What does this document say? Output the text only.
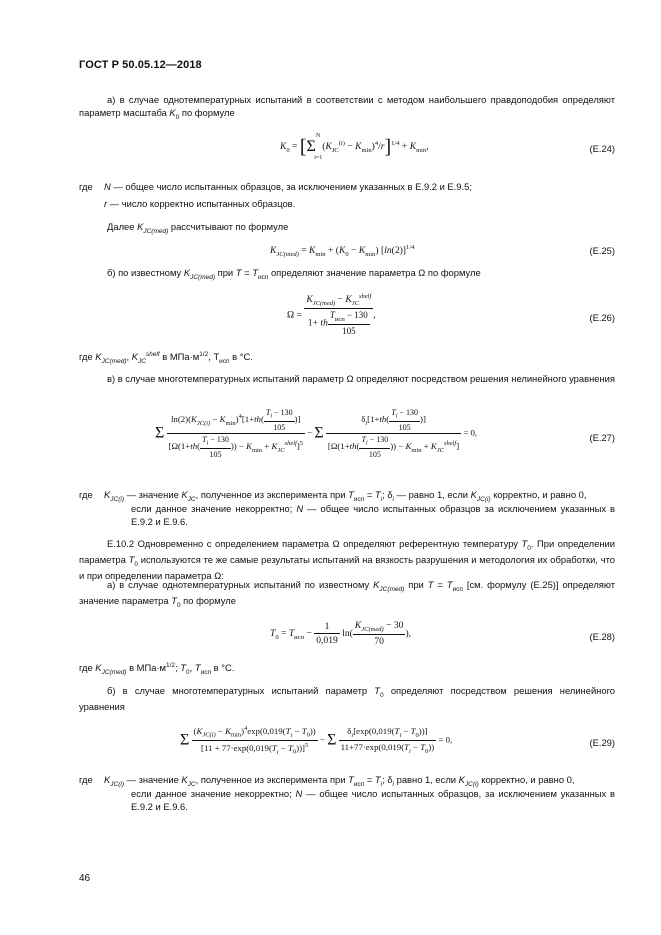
ГОСТ Р 50.05.12—2018
а) в случае однотемпературных испытаний в соответствии с методом наибольшего правдоподобия определяют параметр масштаба $K_0$ по формуле
$K_0 = [\Sigma^N_{i=1}(K_{JC}^{(i)} - K_{min})^4/r]^{1/4} + K_{min}$,	(Е.24)
где N — общее число испытанных образцов, за исключением указанных в Е.9.2 и Е.9.5;
r — число корректно испытанных образцов.
Далее $K_{JC(med)}$ рассчитывают по формуле
$K_{JC(med)} = K_{min} + (K_0 - K_{min})$ $[\ln(2)]^{1/4}$	(Е.25)
б) по известному $K_{JC(med)}$ при $T = T_{исп}$ определяют значение параметра Ω по формуле
$\Omega = \frac{K_{JC(med)} - K_{JC}^{shelf}}{1+ th \frac{T_{исп} - 130}{105}}$ ,	(Е.26)
где $K_{JC(med)}$, $K_{JC}^{shelf}$ в $МПа\cdot м^{1/2}$, $T_{исп}$ в °C.
в) в случае многотемпературных испытаний параметр Ω определяют посредством решения нелинейного уравнения
Σ $\frac{\ln(2)(K_{JC(i)} - K_{min})^4[1+th( \frac{T_i - 130}{105} )]}{[\Omega(1+th( \frac{T_i - 130}{105} )) - K_{min} + K_{JC}^{shelf}]^5} - \Sigma \frac{\delta_i[1+th( \frac{T_i - 130}{105} )]}{[\Omega(1+th( \frac{T_i - 130}{105} )) - K_{min} + K_{JC}^{shelf}]} = 0$,	(Е.27)
где $K_{JC(i)}$ — значение $K_{JC}$, полученное из эксперимента при $T_{исп} = T_i$; $\delta_i$ — равно 1, если $K_{JC(i)}$ корректно, и равно 0,
если данное значение некорректно; N — общее число испытанных образцов за исключением указанных в Е.9.2 и Е.9.6.
Е.10.2 Одновременно с определением параметра Ω определяют референтную температуру $T_0$. При определении параметра $T_0$ используются те же самые результаты испытаний на вязкость разрушения и методология их обработки, что и при определении параметра Ω:
а) в случае однотемпературных испытаний по известному $K_{JC(med)}$ при $T = T_{исп}$ [см. формулу (Е.25)] определяют значение параметра $T_0$ по формуле
$T_0 = T_{исп} - \frac{1}{0,019} \ln( \frac{K_{JC(med)} - 30}{70}$ ),	(Е.28)
где $K_{JC(med)}$ в $МПа\cdot м^{1/2}$; $T_0$, $T_{исп}$ в °C.
б) в случае многотемпературных испытаний параметр $T_0$ определяют посредством решения нелинейного уравнения
Σ $\frac{(K_{JC(i)} - K_{min})^4\exp(0,019(T_i - T_0))}{[11 + 77\cdot\exp(0,019(T_i - T_0))]^5} - \Sigma \frac{\delta_i[\exp(0,019(T_i - T_0))]}{11+77\cdot\exp(0,019(T_i - T_0))} = 0$,	(Е.29)
где $K_{JC(i)}$ — значение $K_{JC}$, полученное из эксперимента при $T_{исп} = T_i$; $\delta_i$ равно 1, если $K_{JC(i)}$ корректно, и равно 0,
если данное значение некорректно; N — общее число испытанных образцов, за исключением указанных в Е.9.2 и Е.9.6.
46
